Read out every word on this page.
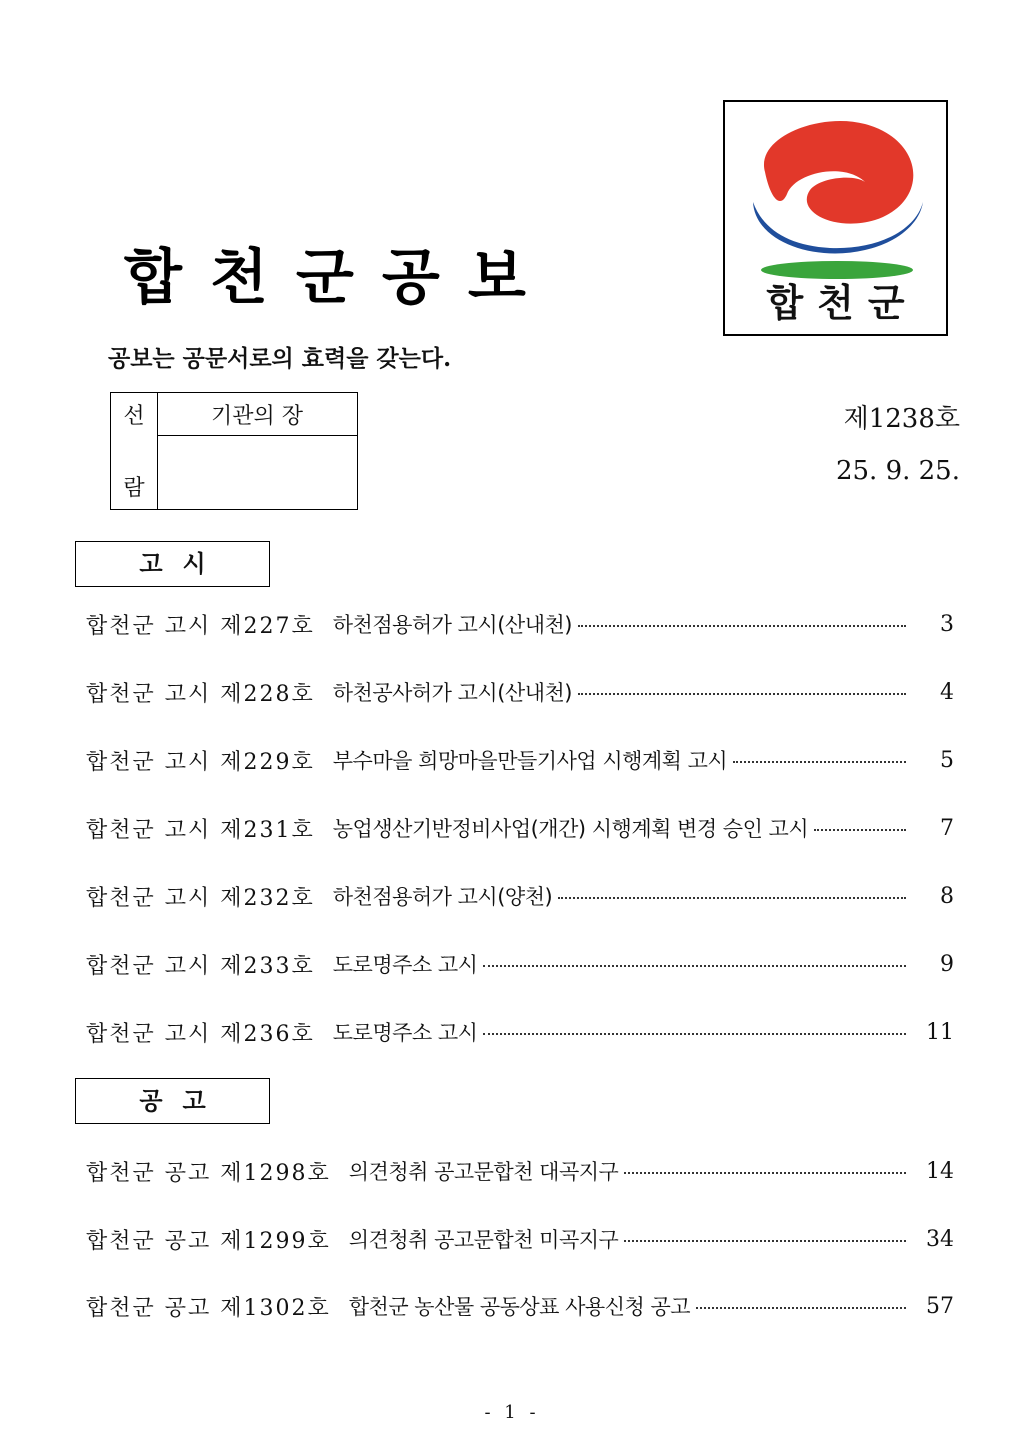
합천군공보
공보는 공문서로의 효력을 갖는다.
합천군
선
람
기관의 장	제1238호
25. 9. 25.
고시
합천군 고시 제227호 하천점용허가 고시(산내천)	3
합천군 고시 제228호 하천공사허가 고시(산내천)	4
합천군 고시 제229호 부수마을 희망마을만들기사업 시행계획 고시	5
합천군 고시 제231호 농업생산기반정비사업(개간) 시행계획 변경 승인 고시	7
합천군 고시 제232호 하천점용허가 고시(양천)	8
합천군 고시 제233호 도로명주소 고시	9
합천군 고시 제236호 도로명주소 고시	11
공고
합천군 공고 제1298호 의견청취 공고문합천 대곡지구	14
합천군 공고 제1299호 의견청취 공고문합천 미곡지구	34
합천군 공고 제1302호 합천군 농산물 공동상표 사용신청 공고	57
- 1 -
